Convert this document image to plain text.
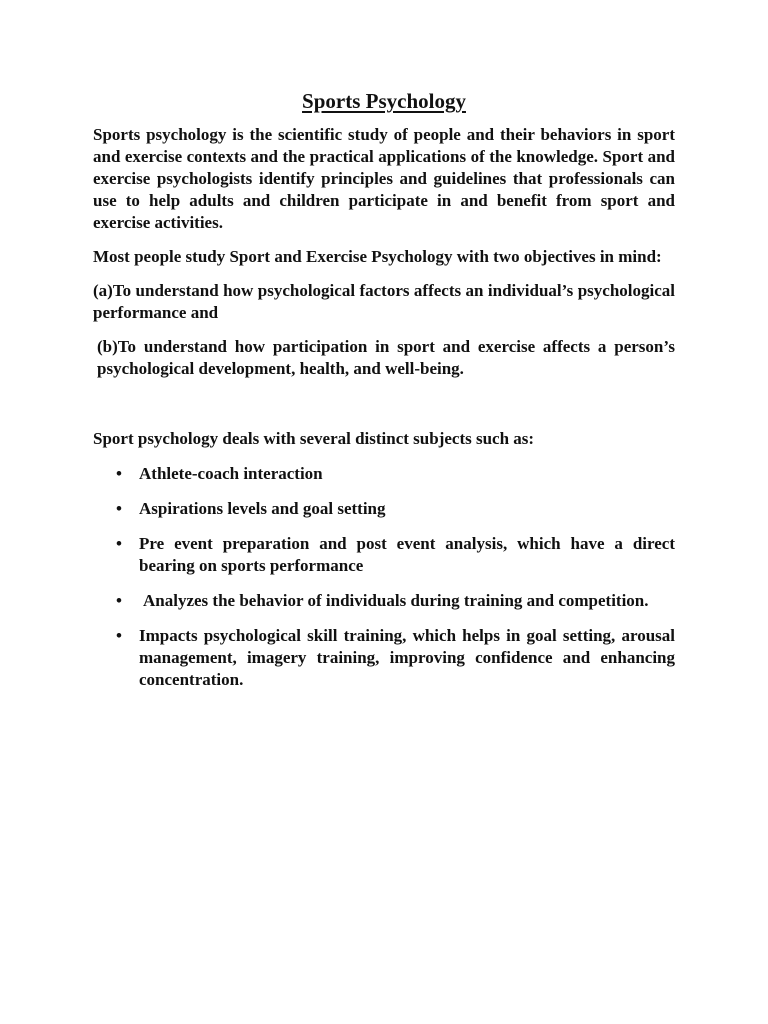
Sports Psychology

Sports psychology is the scientific study of people and their behaviors in sport and exercise contexts and the practical applications of the knowledge. Sport and exercise psychologists identify principles and guidelines that professionals can use to help adults and children participate in and benefit from sport and exercise activities.

Most people study Sport and Exercise Psychology with two objectives in mind:

(a)To understand how psychological factors affects an individual’s psychological performance and

(b)To understand how participation in sport and exercise affects a person’s psychological development, health, and well-being.

Sport psychology deals with several distinct subjects such as:

• Athlete-coach interaction
• Aspirations levels and goal setting
• Pre event preparation and post event analysis, which have a direct bearing on sports performance
• Analyzes the behavior of individuals during training and competition.
• Impacts psychological skill training, which helps in goal setting, arousal management, imagery training, improving confidence and enhancing concentration.
